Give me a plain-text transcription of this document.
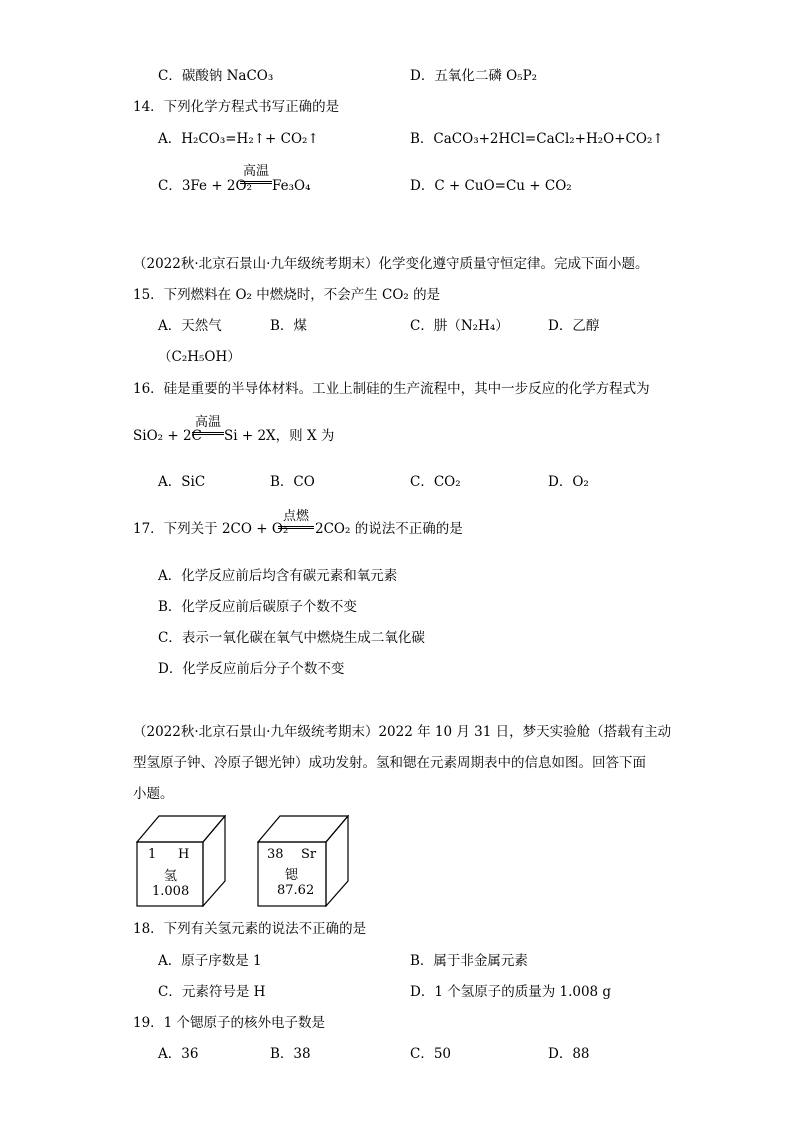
C．碳酸钠 NaCO₃	D．五氧化二磷 O₅P₂
14．下列化学方程式书写正确的是
A．H₂CO₃=H₂↑+ CO₂↑	B．CaCO₃+2HCl=CaCl₂+H₂O+CO₂↑
C．3Fe + 2O₂
高温
Fe₃O₄	D．C + CuO=Cu + CO₂
（2022秋·北京石景山·九年级统考期末）化学变化遵守质量守恒定律。完成下面小题。
15．下列燃料在 O₂ 中燃烧时，不会产生 CO₂ 的是
A．天然气	B．煤	C．肼（N₂H₄）	D．乙醇
（C₂H₅OH）
16．硅是重要的半导体材料。工业上制硅的生产流程中，其中一步反应的化学方程式为
SiO₂ + 2C
高温
Si + 2X，则 X 为
A．SiC	B．CO	C．CO₂	D．O₂
17．下列关于 2CO + O₂
点燃
2CO₂ 的说法不正确的是
A．化学反应前后均含有碳元素和氧元素
B．化学反应前后碳原子个数不变
C．表示一氧化碳在氧气中燃烧生成二氧化碳
D．化学反应前后分子个数不变
（2022秋·北京石景山·九年级统考期末）2022 年 10 月 31 日，梦天实验舱（搭载有主动
型氢原子钟、冷原子锶光钟）成功发射。氢和锶在元素周期表中的信息如图。回答下面
小题。
1 H
氢
1.008
38 Sr
锶
87.62
18．下列有关氢元素的说法不正确的是
A．原子序数是 1	B．属于非金属元素
C．元素符号是 H	D．1 个氢原子的质量为 1.008 g
19．1 个锶原子的核外电子数是
A．36	B．38	C．50	D．88
